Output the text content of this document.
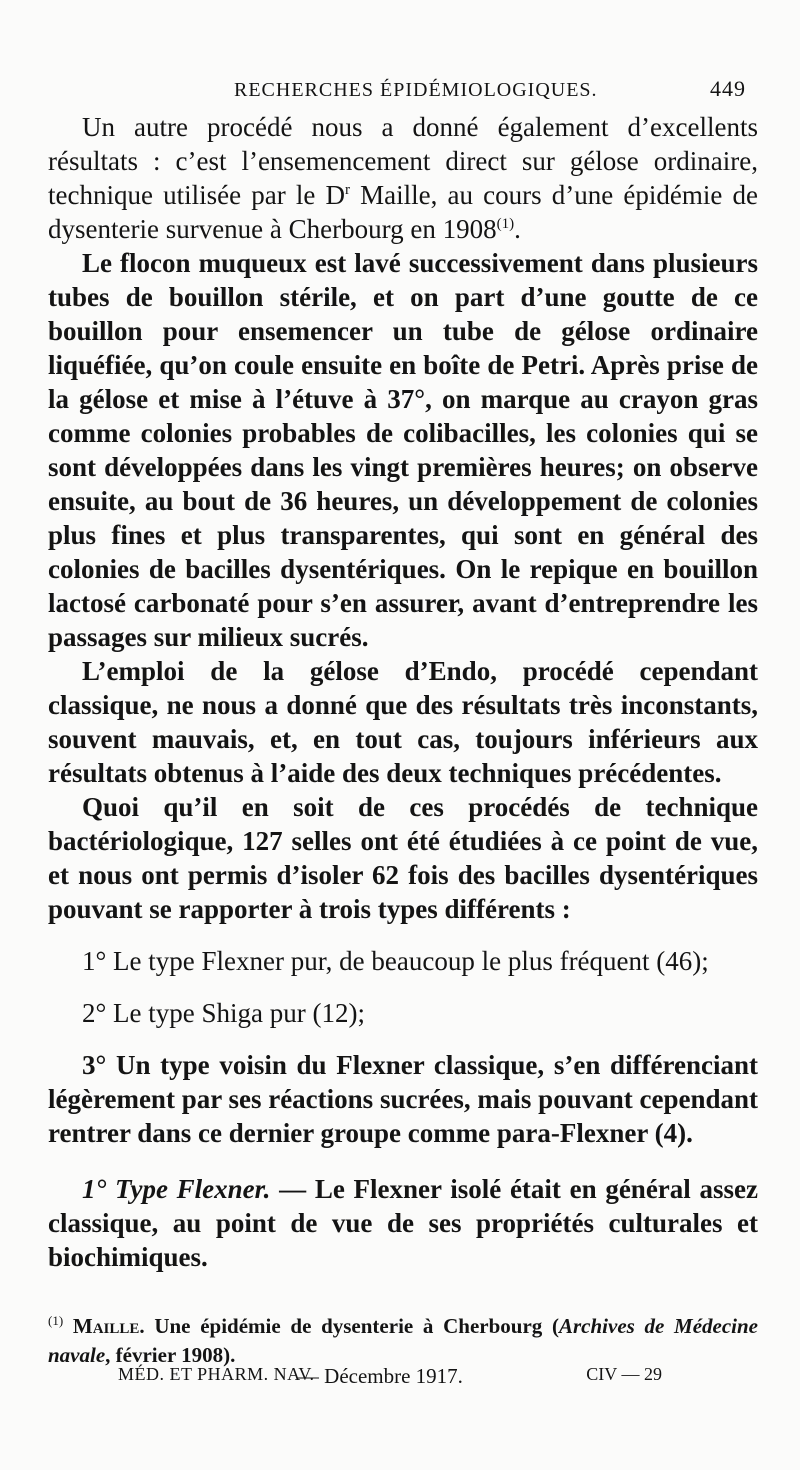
RECHERCHES ÉPIDÉMIOLOGIQUES.	449

Un autre procédé nous a donné également d’excellents résultats : c’est l’ensemencement direct sur gélose ordinaire, technique utilisée par le $D^r$ Maille, au cours d’une épidémie de dysenterie survenue à Cherbourg en 1908$^{(1)}$.

Le flocon muqueux est lavé successivement dans plusieurs tubes de bouillon stérile, et on part d’une goutte de ce bouillon pour ensemencer un tube de gélose ordinaire liquéfiée, qu’on coule ensuite en boîte de Petri. Après prise de la gélose et mise à l’étuve à 37°, on marque au crayon gras comme colonies probables de colibacilles, les colonies qui se sont développées dans les vingt premières heures; on observe ensuite, au bout de 36 heures, un développement de colonies plus fines et plus transparentes, qui sont en général des colonies de bacilles dysentériques. On le repique en bouillon lactosé carbonaté pour s’en assurer, avant d’entreprendre les passages sur milieux sucrés.

L’emploi de la gélose d’Endo, procédé cependant classique, ne nous a donné que des résultats très inconstants, souvent mauvais, et, en tout cas, toujours inférieurs aux résultats obtenus à l’aide des deux techniques précédentes.

Quoi qu’il en soit de ces procédés de technique bactériologique, 127 selles ont été étudiées à ce point de vue, et nous ont permis d’isoler 62 fois des bacilles dysentériques pouvant se rapporter à trois types différents :

1° Le type Flexner pur, de beaucoup le plus fréquent (46);

2° Le type Shiga pur (12);

3° Un type voisin du Flexner classique, s’en différenciant légèrement par ses réactions sucrées, mais pouvant cependant rentrer dans ce dernier groupe comme para-Flexner (4).

1° Type Flexner. — Le Flexner isolé était en général assez classique, au point de vue de ses propriétés culturales et biochimiques.

$^{(1)}$ Maille. Une épidémie de dysenterie à Cherbourg (Archives de Médecine navale, février 1908).
MÉD. ET PHARM. NAV.
— Décembre 1917.	CIV — 29
